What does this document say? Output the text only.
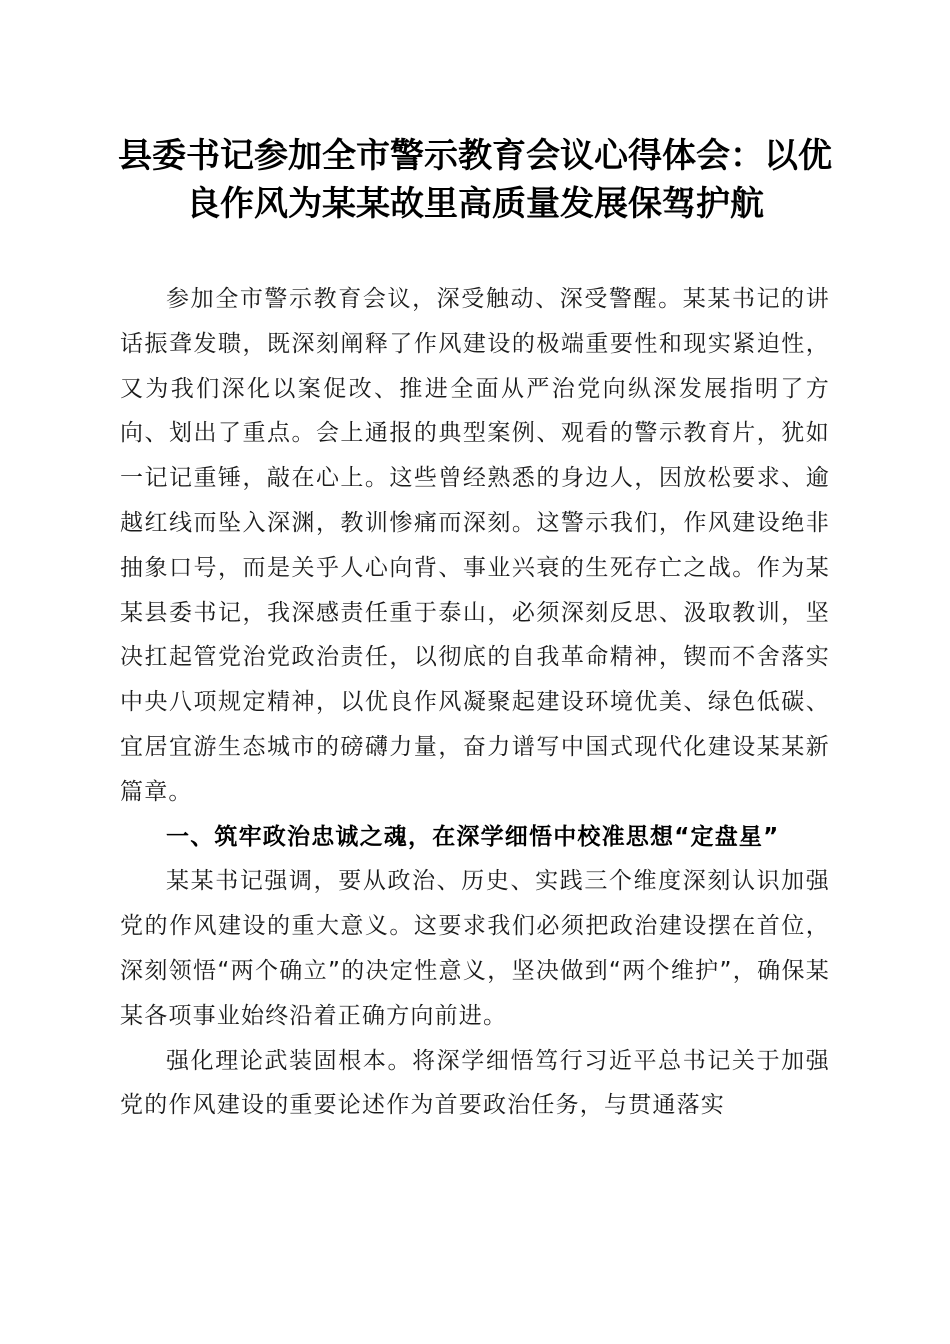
县委书记参加全市警示教育会议心得体会：以优良作风为某某故里高质量发展保驾护航

参加全市警示教育会议，深受触动、深受警醒。某某书记的讲话振聋发聩，既深刻阐释了作风建设的极端重要性和现实紧迫性，又为我们深化以案促改、推进全面从严治党向纵深发展指明了方向、划出了重点。会上通报的典型案例、观看的警示教育片，犹如一记记重锤，敲在心上。这些曾经熟悉的身边人，因放松要求、逾越红线而坠入深渊，教训惨痛而深刻。这警示我们，作风建设绝非抽象口号，而是关乎人心向背、事业兴衰的生死存亡之战。作为某某县委书记，我深感责任重于泰山，必须深刻反思、汲取教训，坚决扛起管党治党政治责任，以彻底的自我革命精神，锲而不舍落实中央八项规定精神，以优良作风凝聚起建设环境优美、绿色低碳、宜居宜游生态城市的磅礴力量，奋力谱写中国式现代化建设某某新篇章。

一、筑牢政治忠诚之魂，在深学细悟中校准思想“定盘星”

某某书记强调，要从政治、历史、实践三个维度深刻认识加强党的作风建设的重大意义。这要求我们必须把政治建设摆在首位，深刻领悟“两个确立”的决定性意义，坚决做到“两个维护”，确保某某各项事业始终沿着正确方向前进。

强化理论武装固根本。将深学细悟笃行习近平总书记关于加强党的作风建设的重要论述作为首要政治任务，与贯通落实
